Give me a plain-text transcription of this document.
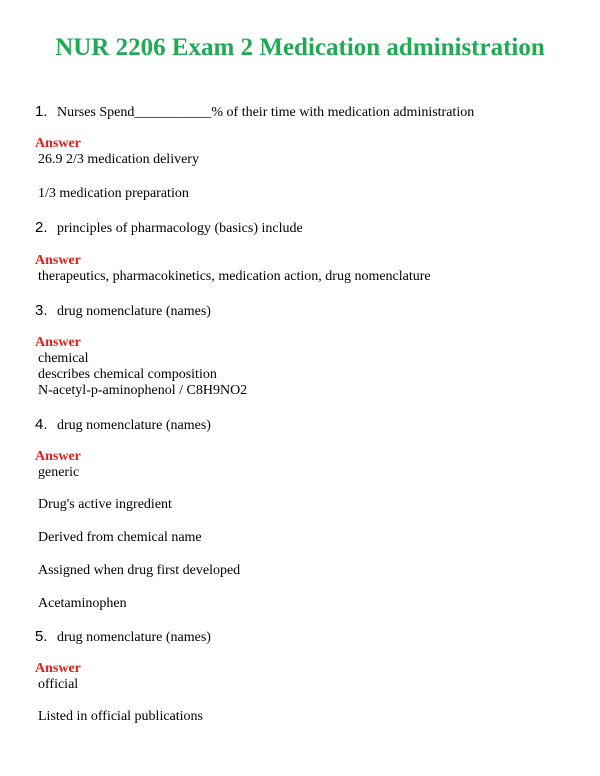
NUR 2206 Exam 2 Medication administration
1. Nurses Spend___________% of their time with medication administration
Answer
26.9 2/3 medication delivery
1/3 medication preparation
2. principles of pharmacology (basics) include
Answer
therapeutics, pharmacokinetics, medication action, drug nomenclature
3. drug nomenclature (names)
Answer
chemical
describes chemical composition
N-acetyl-p-aminophenol / C8H9NO2
4. drug nomenclature (names)
Answer
generic
Drug's active ingredient
Derived from chemical name
Assigned when drug first developed
Acetaminophen
5. drug nomenclature (names)
Answer
official
Listed in official publications
